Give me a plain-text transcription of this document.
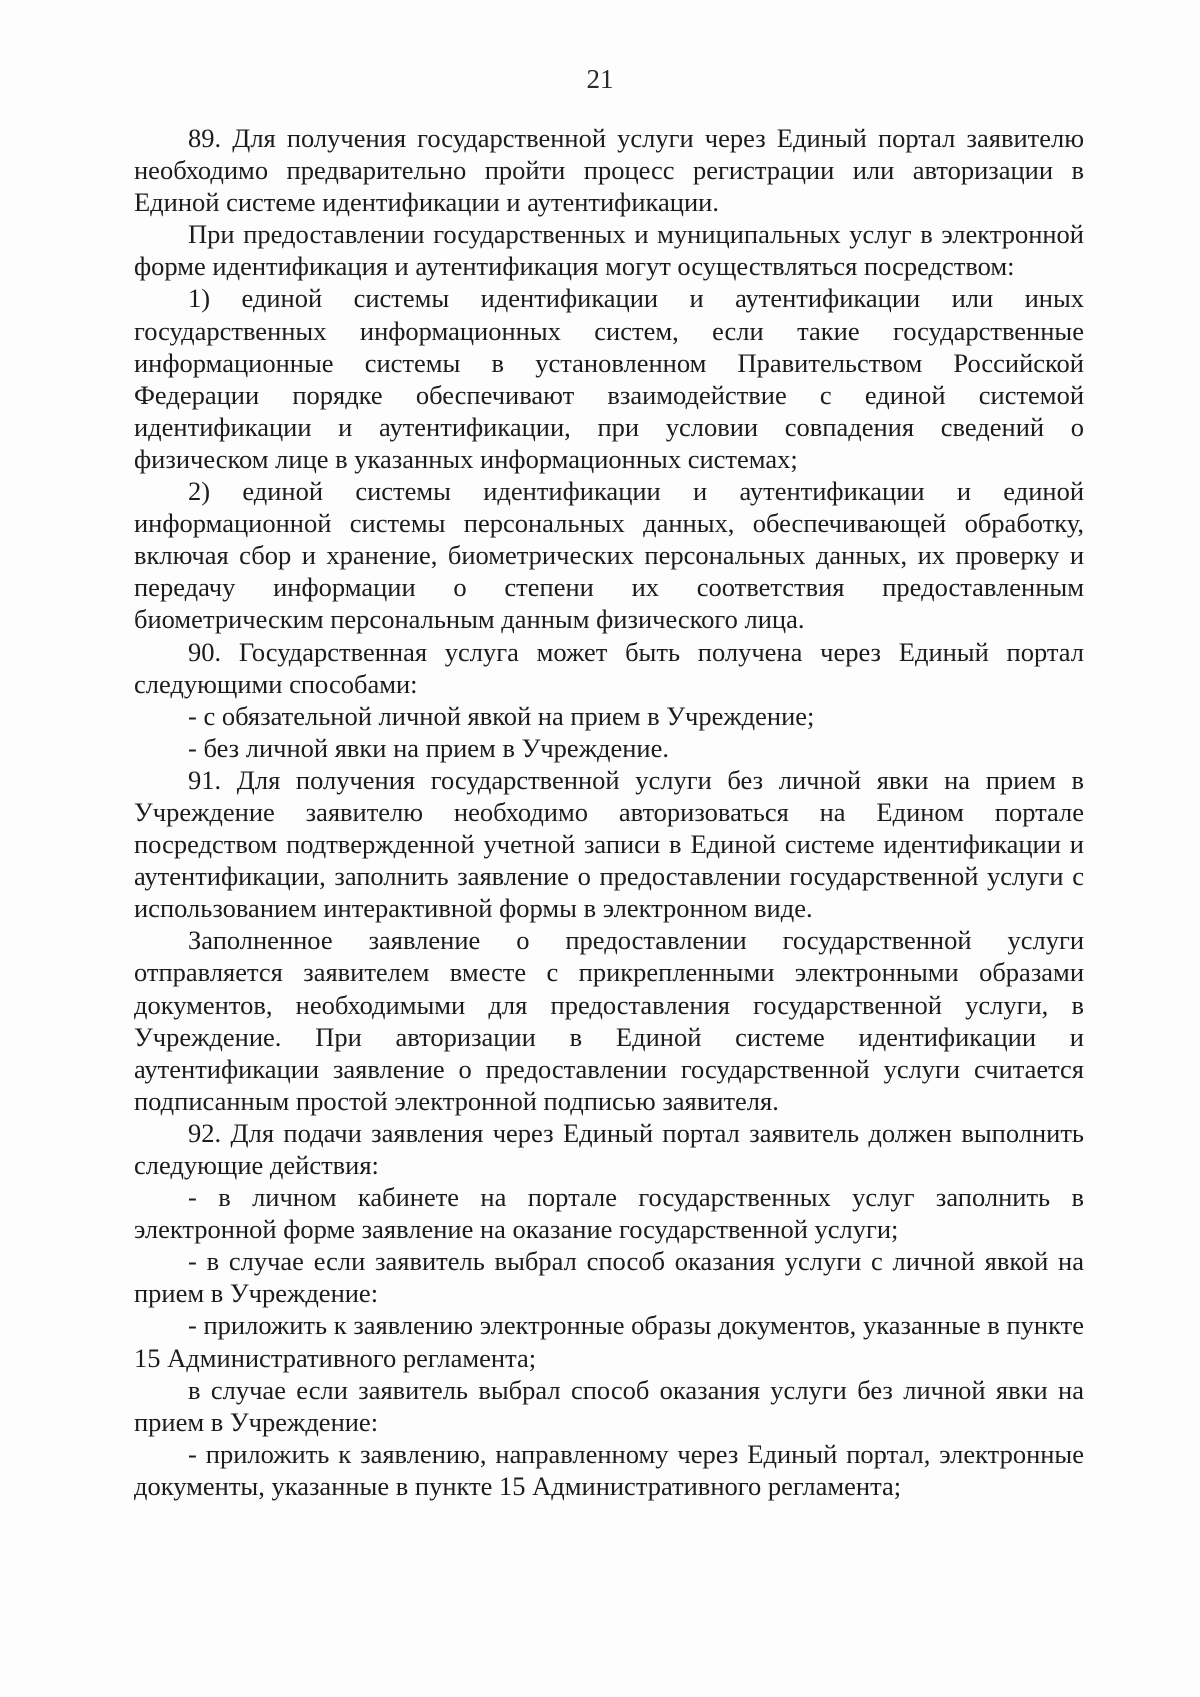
21

89. Для получения государственной услуги через Единый портал заявителю необходимо предварительно пройти процесс регистрации или авторизации в Единой системе идентификации и аутентификации.

При предоставлении государственных и муниципальных услуг в электронной форме идентификация и аутентификация могут осуществляться посредством:

1) единой системы идентификации и аутентификации или иных государственных информационных систем, если такие государственные информационные системы в установленном Правительством Российской Федерации порядке обеспечивают взаимодействие с единой системой идентификации и аутентификации, при условии совпадения сведений о физическом лице в указанных информационных системах;

2) единой системы идентификации и аутентификации и единой информационной системы персональных данных, обеспечивающей обработку, включая сбор и хранение, биометрических персональных данных, их проверку и передачу информации о степени их соответствия предоставленным биометрическим персональным данным физического лица.

90. Государственная услуга может быть получена через Единый портал следующими способами:

- с обязательной личной явкой на прием в Учреждение;

- без личной явки на прием в Учреждение.

91. Для получения государственной услуги без личной явки на прием в Учреждение заявителю необходимо авторизоваться на Едином портале посредством подтвержденной учетной записи в Единой системе идентификации и аутентификации, заполнить заявление о предоставлении государственной услуги с использованием интерактивной формы в электронном виде.

Заполненное заявление о предоставлении государственной услуги отправляется заявителем вместе с прикрепленными электронными образами документов, необходимыми для предоставления государственной услуги, в Учреждение. При авторизации в Единой системе идентификации и аутентификации заявление о предоставлении государственной услуги считается подписанным простой электронной подписью заявителя.

92. Для подачи заявления через Единый портал заявитель должен выполнить следующие действия:

- в личном кабинете на портале государственных услуг заполнить в электронной форме заявление на оказание государственной услуги;

- в случае если заявитель выбрал способ оказания услуги с личной явкой на прием в Учреждение:

- приложить к заявлению электронные образы документов, указанные в пункте 15 Административного регламента;

в случае если заявитель выбрал способ оказания услуги без личной явки на прием в Учреждение:

- приложить к заявлению, направленному через Единый портал, электронные документы, указанные в пункте 15 Административного регламента;
